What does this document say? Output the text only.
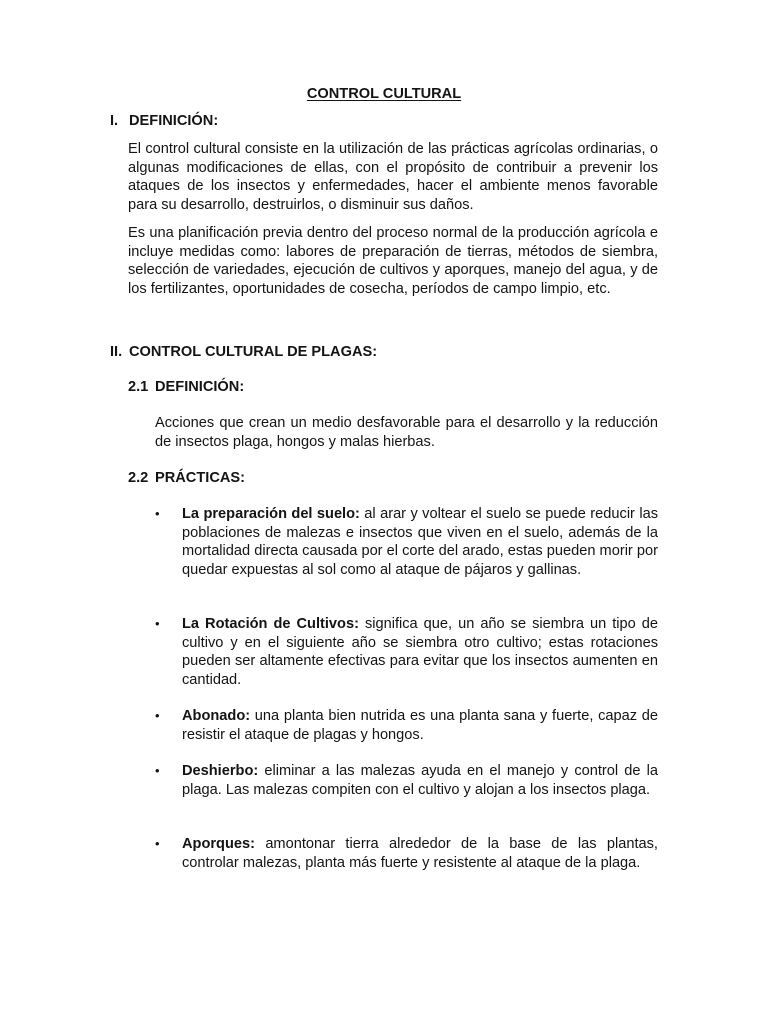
CONTROL CULTURAL
I. DEFINICIÓN:
El control cultural consiste en la utilización de las prácticas agrícolas ordinarias, o algunas modificaciones de ellas, con el propósito de contribuir a prevenir los ataques de los insectos y enfermedades, hacer el ambiente menos favorable para su desarrollo, destruirlos, o disminuir sus daños.
Es una planificación previa dentro del proceso normal de la producción agrícola e incluye medidas como: labores de preparación de tierras, métodos de siembra, selección de variedades, ejecución de cultivos y aporques, manejo del agua, y de los fertilizantes, oportunidades de cosecha, períodos de campo limpio, etc.
II. CONTROL CULTURAL DE PLAGAS:
2.1 DEFINICIÓN:
Acciones que crean un medio desfavorable para el desarrollo y la reducción de insectos plaga, hongos y malas hierbas.
2.2 PRÁCTICAS:
• La preparación del suelo: al arar y voltear el suelo se puede reducir las poblaciones de malezas e insectos que viven en el suelo, además de la mortalidad directa causada por el corte del arado, estas pueden morir por quedar expuestas al sol como al ataque de pájaros y gallinas.
• La Rotación de Cultivos: significa que, un año se siembra un tipo de cultivo y en el siguiente año se siembra otro cultivo; estas rotaciones pueden ser altamente efectivas para evitar que los insectos aumenten en cantidad.
• Abonado: una planta bien nutrida es una planta sana y fuerte, capaz de resistir el ataque de plagas y hongos.
• Deshierbo: eliminar a las malezas ayuda en el manejo y control de la plaga. Las malezas compiten con el cultivo y alojan a los insectos plaga.
• Aporques: amontonar tierra alrededor de la base de las plantas, controlar malezas, planta más fuerte y resistente al ataque de la plaga.
